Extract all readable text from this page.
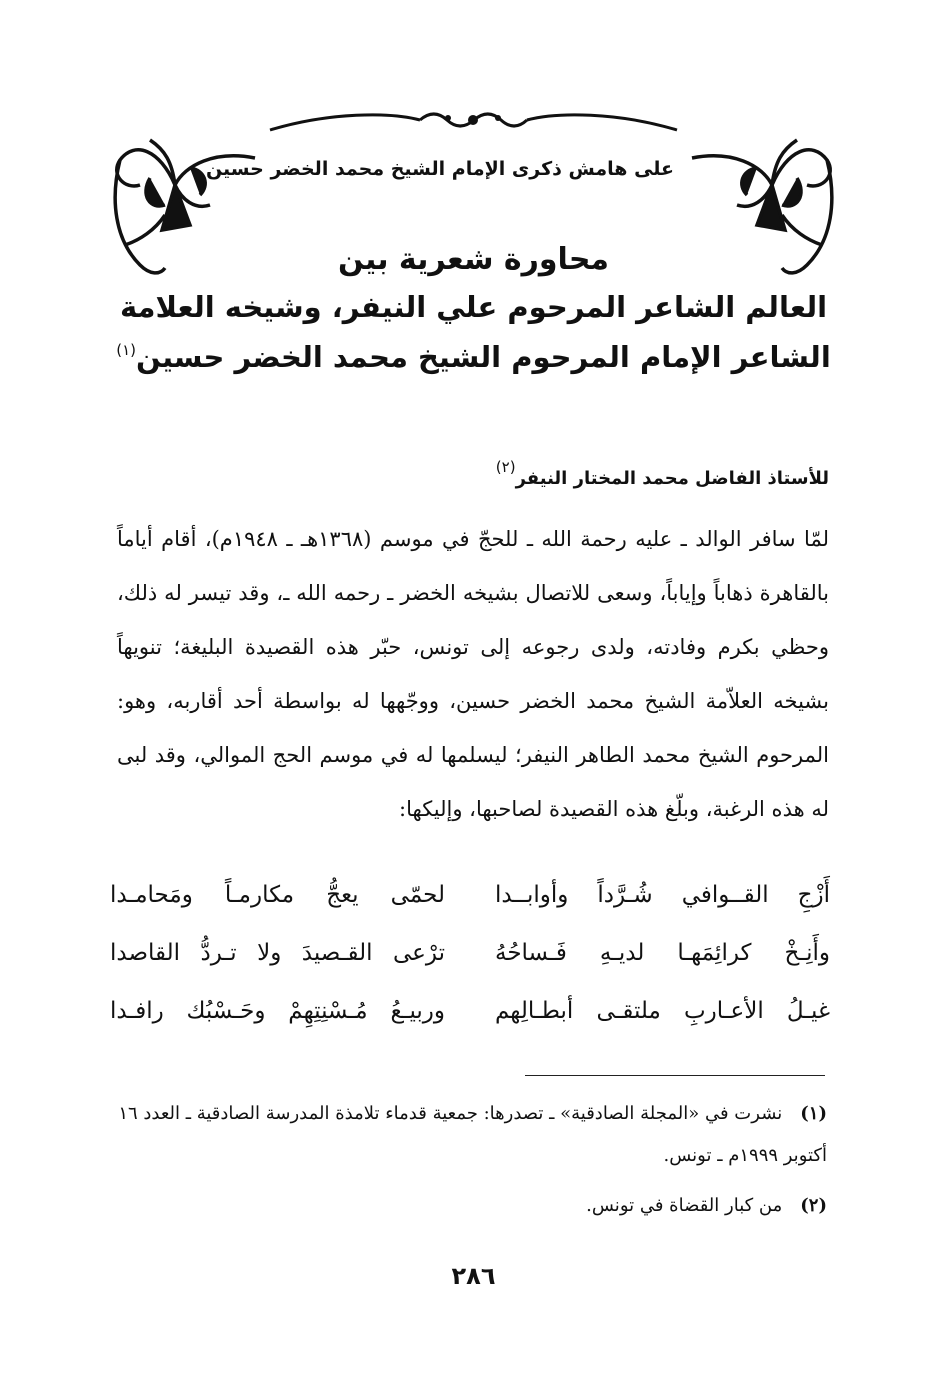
على هامش ذكرى الإمام الشيخ محمد الخضر حسين
محاورة شعرية بين
العالم الشاعر المرحوم علي النيفر، وشيخه العلامة
الشاعر الإمام المرحوم الشيخ محمد الخضر حسين$^{(١)}$
للأستاذ الفاضل محمد المختار النيفر$^{(٢)}$

لمّا سافر الوالد ـ عليه رحمة الله ـ للحجّ في موسم (١٣٦٨هـ ـ ١٩٤٨م)، أقام أياماً بالقاهرة ذهاباً وإياباً، وسعى للاتصال بشيخه الخضر ـ رحمه الله ـ، وقد تيسر له ذلك، وحظي بكرم وفادته، ولدى رجوعه إلى تونس، حبّر هذه القصيدة البليغة؛ تنويهاً بشيخه العلاّمة الشيخ محمد الخضر حسين، ووجّهها له بواسطة أحد أقاربه، وهو: المرحوم الشيخ محمد الطاهر النيفر؛ ليسلمها له في موسم الحج الموالي، وقد لبى له هذه الرغبة، وبلّغ هذه القصيدة لصاحبها، وإليكها:

أَزْجِ القــوافي شُـرَّداً وأوابــدا
لحمّى يعجُّ مكارمـاً ومَحامـدا
وأَنِـخْ كرائِمَهـا لديـهِ فَـساحُهُ
ترْعى القـصيدَ ولا تـردُّ القاصدا
غيـلُ الأعـاربِ ملتقـى أبطـالِهم
وربيـعُ مُـسْنِتِهِمْ وحَـسْبُك رافـدا
(١)نشرت في «المجلة الصادقية» ـ تصدرها: جمعية قدماء تلامذة المدرسة الصادقية ـ العدد ١٦ أكتوبر ١٩٩٩م ـ تونس.
(٢)من كبار القضاة في تونس.
٢٨٦
